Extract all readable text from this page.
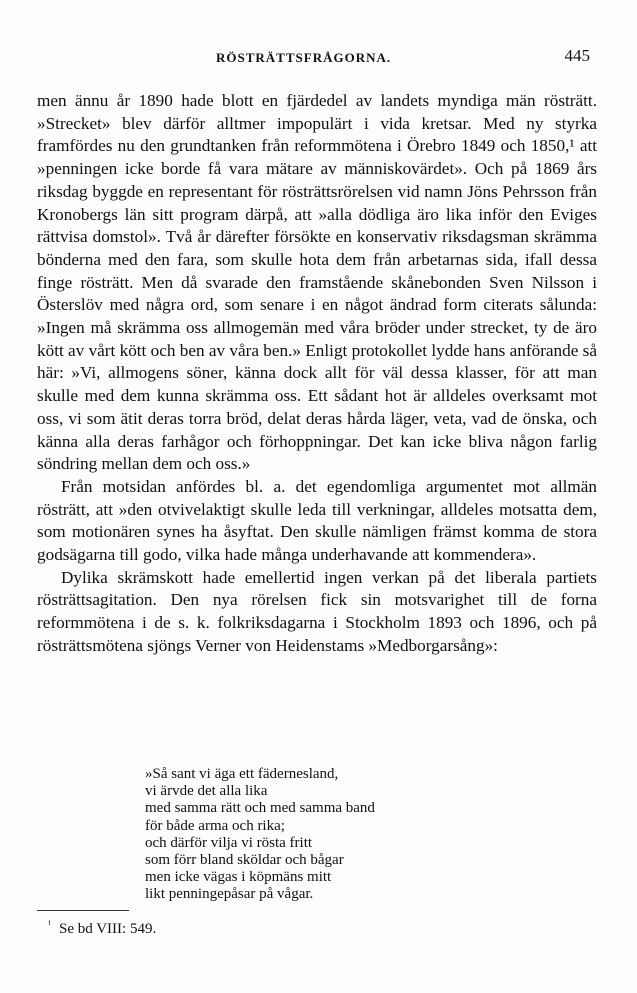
RÖSTRÄTTSFRÅGORNA.	445

men ännu år 1890 hade blott en fjärdedel av landets myndiga män rösträtt. »Strecket» blev därför alltmer impopulärt i vida kretsar. Med ny styrka framfördes nu den grundtanken från reformmötena i Örebro 1849 och 1850,¹ att »penningen icke borde få vara mätare av människovärdet». Och på 1869 års riksdag byggde en representant för rösträttsrörelsen vid namn Jöns Pehrsson från Kronobergs län sitt program därpå, att »alla dödliga äro lika inför den Eviges rättvisa domstol». Två år därefter försökte en konservativ riksdagsman skrämma bönderna med den fara, som skulle hota dem från arbetarnas sida, ifall dessa finge rösträtt. Men då svarade den framstående skånebonden Sven Nilsson i Österslöv med några ord, som senare i en något ändrad form citerats sålunda: »Ingen må skrämma oss allmogemän med våra bröder under strecket, ty de äro kött av vårt kött och ben av våra ben.» Enligt protokollet lydde hans anförande så här: »Vi, allmogens söner, känna dock allt för väl dessa klasser, för att man skulle med dem kunna skrämma oss. Ett sådant hot är alldeles overksamt mot oss, vi som ätit deras torra bröd, delat deras hårda läger, veta, vad de önska, och känna alla deras farhågor och förhoppningar. Det kan icke bliva någon farlig söndring mellan dem och oss.»

Från motsidan anfördes bl. a. det egendomliga argumentet mot allmän rösträtt, att »den otvivelaktigt skulle leda till verkningar, alldeles motsatta dem, som motionären synes ha åsyftat. Den skulle nämligen främst komma de stora godsägarna till godo, vilka hade många underhavande att kommendera».

Dylika skrämskott hade emellertid ingen verkan på det liberala partiets rösträttsagitation. Den nya rörelsen fick sin motsvarighet till de forna reformmötena i de s. k. folkriksdagarna i Stockholm 1893 och 1896, och på rösträttsmötena sjöngs Verner von Heidenstams »Medborgarsång»:

»Så sant vi äga ett fädernesland,
vi ärvde det alla lika
med samma rätt och med samma band
för både arma och rika;
och därför vilja vi rösta fritt
som förr bland sköldar och bågar
men icke vägas i köpmäns mitt
likt penningepåsar på vågar.
$^{^1}$ Se bd VIII: 549.
